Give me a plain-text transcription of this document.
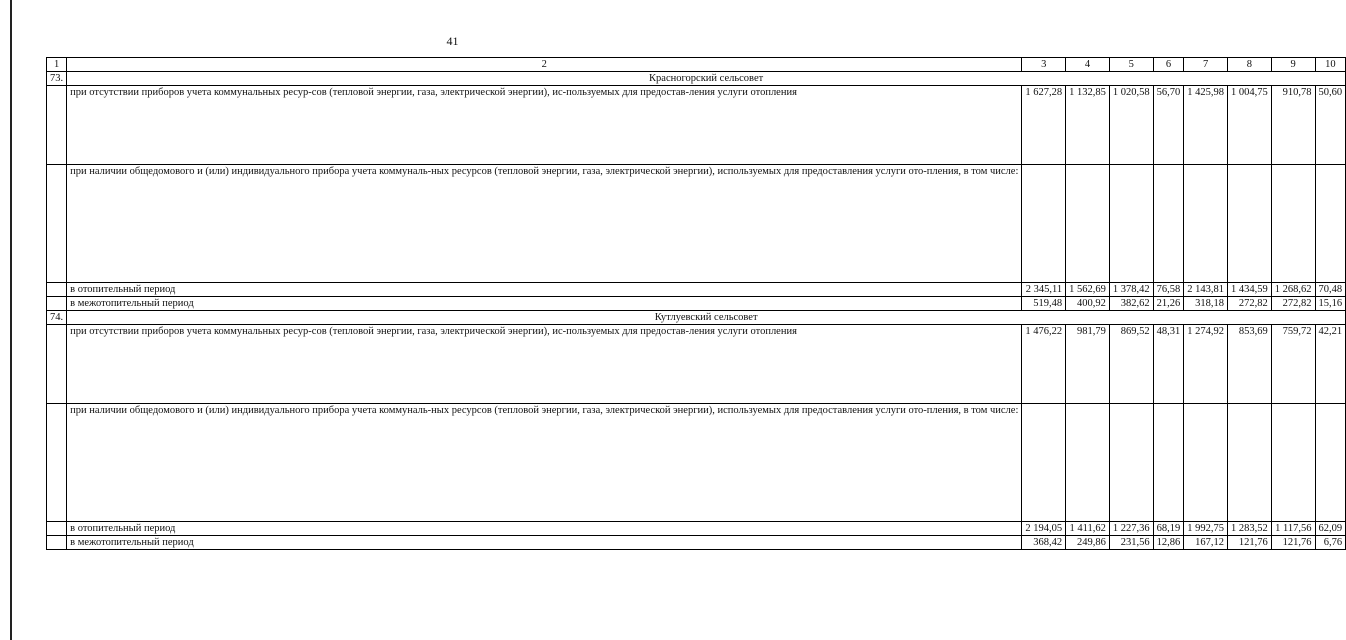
41
1	2	3	4	5	6	7	8	9	10
73.	Красногорский сельсовет								
	при отсутствии приборов учета коммунальных ресур-сов (тепловой энергии, газа, электрической энергии), ис-пользуемых для предостав-ления услуги отопления	1 627,28	1 132,85	1 020,58	56,70	1 425,98	1 004,75	910,78	50,60
	при наличии общедомового и (или) индивидуального прибора учета коммуналь-ных ресурсов (тепловой энергии, газа, электрической энергии), используемых для предоставления услуги ото-пления, в том числе:								
	в отопительный период	2 345,11	1 562,69	1 378,42	76,58	2 143,81	1 434,59	1 268,62	70,48
	в межотопительный период	519,48	400,92	382,62	21,26	318,18	272,82	272,82	15,16
74.	Кутлуевский сельсовет								
	при отсутствии приборов учета коммунальных ресур-сов (тепловой энергии, газа, электрической энергии), ис-пользуемых для предостав-ления услуги отопления	1 476,22	981,79	869,52	48,31	1 274,92	853,69	759,72	42,21
	при наличии общедомового и (или) индивидуального прибора учета коммуналь-ных ресурсов (тепловой энергии, газа, электрической энергии), используемых для предоставления услуги ото-пления, в том числе:								
	в отопительный период	2 194,05	1 411,62	1 227,36	68,19	1 992,75	1 283,52	1 117,56	62,09
	в межотопительный период	368,42	249,86	231,56	12,86	167,12	121,76	121,76	6,76
